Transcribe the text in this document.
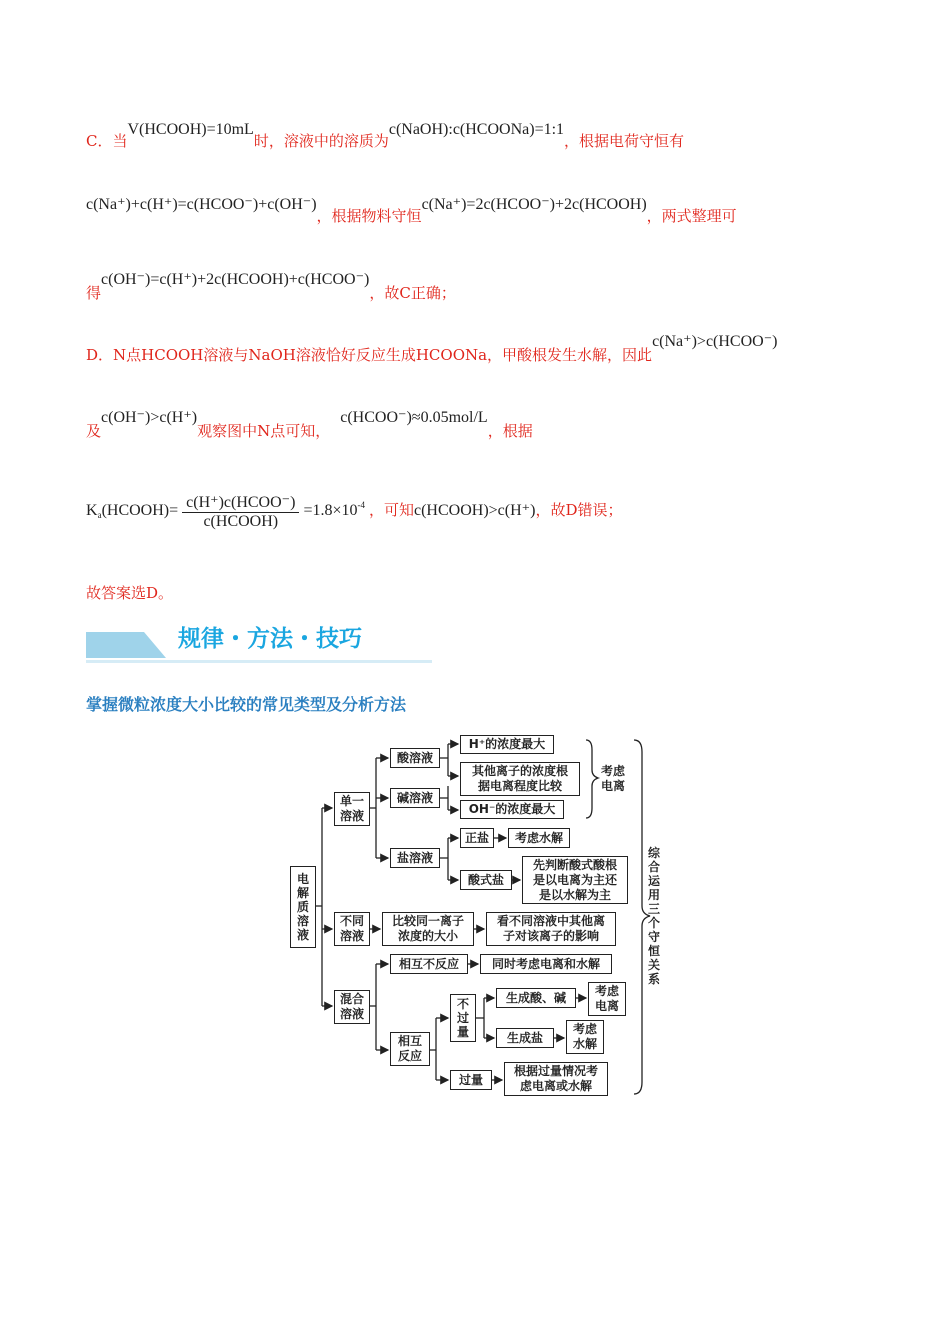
C．当V(HCOOH)=10mL时，溶液中的溶质为c(NaOH):c(HCOONa)=1:1，根据电荷守恒有
c(Na⁺)+c(H⁺)=c(HCOO⁻)+c(OH⁻)，根据物料守恒c(Na⁺)=2c(HCOO⁻)+2c(HCOOH)，两式整理可
得c(OH⁻)=c(H⁺)+2c(HCOOH)+c(HCOO⁻)，故C正确；
D．N点HCOOH溶液与NaOH溶液恰好反应生成HCOONa，甲酸根发生水解，因此c(Na⁺)>c(HCOO⁻)
及c(OH⁻)>c(H⁺)观察图中N点可知，c(HCOO⁻)≈0.05mol/L，根据
$K_a(HCOOH)= \frac{\text{c(H⁺)c(HCOO⁻)}}{\text{c(HCOOH)}} =1.8\times 10^{-4}$ ，可知c(HCOOH)>c(H⁺)，故D错误；
故答案选D。
规律・方法・技巧
掌握微粒浓度大小比较的常见类型及分析方法
电
解
质
溶
液
单一
溶液
不同
溶液
混合
溶液
酸溶液
碱溶液
盐溶液
H⁺的浓度最大
其他离子的浓度根
据电离程度比较
OH⁻的浓度最大
考虑
电离
正盐	考虑水解
酸式盐
先判断酸式酸根
是以电离为主还
是以水解为主
比较同一离子
浓度的大小
看不同溶液中其他离
子对该离子的影响
相互不反应	同时考虑电离和水解
相互
反应
不
过
量
生成酸、碱	考虑
电离
生成盐
考虑
水解
过量
根据过量情况考
虑电离或水解
综
合
运
用
三
个
守
恒
关
系
